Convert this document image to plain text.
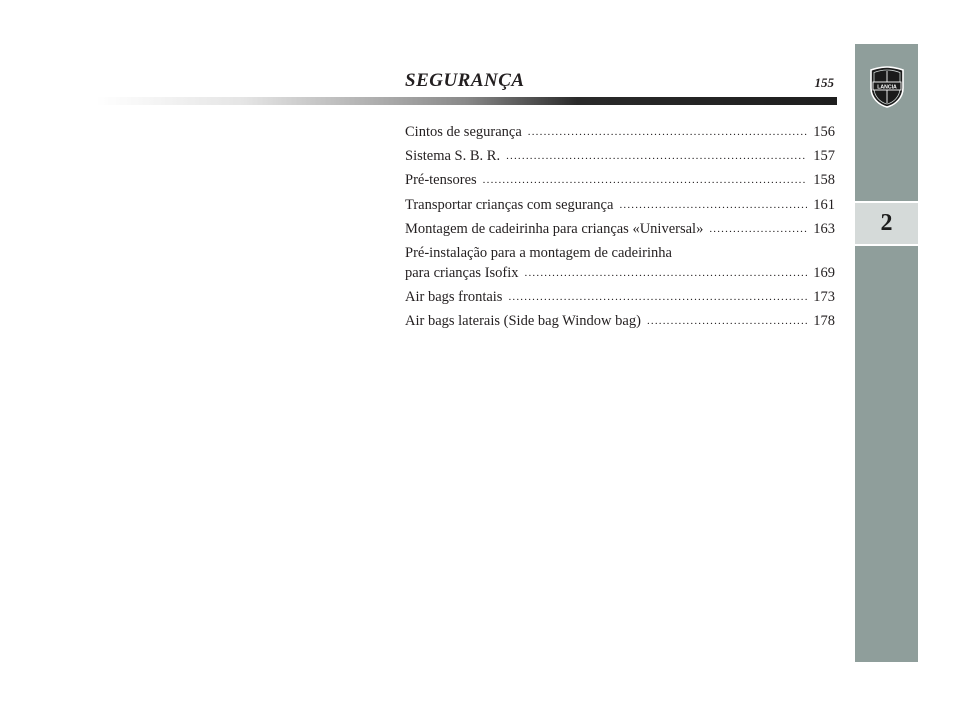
SEGURANÇA	155
2
LANCIA
Cintos de segurança .....	156
Sistema S. B. R. .....	157
Pré-tensores .....	158
Transportar crianças com segurança .....	161
Montagem de cadeirinha para crianças «Universal» .....	163
Pré-instalação para a montagem de cadeirinha
para crianças Isofix .....	169
Air bags frontais .....	173
Air bags laterais (Side bag Window bag) .....	178
